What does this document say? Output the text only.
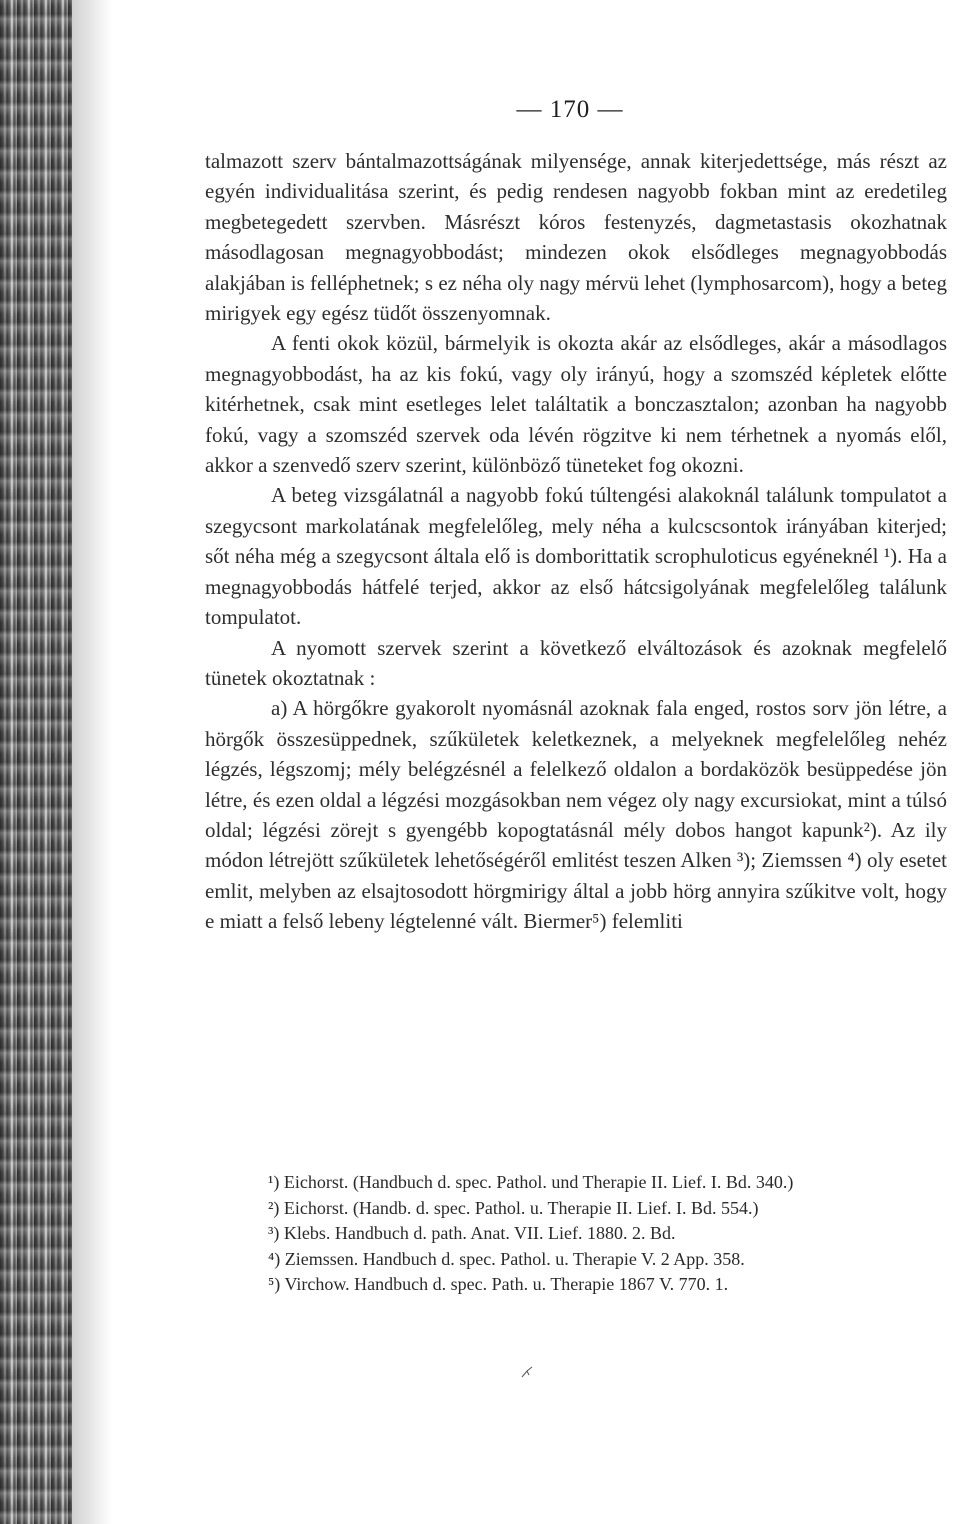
— 170 —

talmazott szerv bántalmazottságának milyensége, annak kiterjedettsége, más részt az egyén individualitása szerint, és pedig rendesen nagyobb fokban mint az eredetileg megbetegedett szervben. Másrészt kóros festenyzés, dagmetastasis okozhatnak másodlagosan megnagyobbodást; mindezen okok elsődleges megnagyobbodás alakjában is felléphetnek; s ez néha oly nagy mérvü lehet (lymphosarcom), hogy a beteg mirigyek egy egész tüdőt összenyomnak.

A fenti okok közül, bármelyik is okozta akár az elsődleges, akár a másodlagos megnagyobbodást, ha az kis fokú, vagy oly irányú, hogy a szomszéd képletek előtte kitérhetnek, csak mint esetleges lelet találtatik a bonczasztalon; azonban ha nagyobb fokú, vagy a szomszéd szervek oda lévén rögzitve ki nem térhetnek a nyomás elől, akkor a szenvedő szerv szerint, különböző tüneteket fog okozni.

A beteg vizsgálatnál a nagyobb fokú túltengési alakoknál találunk tompulatot a szegycsont markolatának megfelelőleg, mely néha a kulcscsontok irányában kiterjed; sőt néha még a szegycsont általa elő is domborittatik scrophuloticus egyéneknél ¹). Ha a megnagyobbodás hátfelé terjed, akkor az első hátcsigolyának megfelelőleg találunk tompulatot.

A nyomott szervek szerint a következő elváltozások és azoknak megfelelő tünetek okoztatnak :

a) A hörgőkre gyakorolt nyomásnál azoknak fala enged, rostos sorv jön létre, a hörgők összesüppednek, szűkületek keletkeznek, a melyeknek megfelelőleg nehéz légzés, légszomj; mély belégzésnél a felelkező oldalon a bordaközök besüppedése jön létre, és ezen oldal a légzési mozgásokban nem végez oly nagy excursiokat, mint a túlsó oldal; légzési zörejt s gyengébb kopogtatásnál mély dobos hangot kapunk²). Az ily módon létrejött szűkületek lehetőségéről emlitést teszen Alken ³); Ziemssen ⁴) oly esetet emlit, melyben az elsajtosodott hörgmirigy által a jobb hörg annyira szűkitve volt, hogy e miatt a felső lebeny légtelenné vált. Biermer⁵) felemliti

¹) Eichorst. (Handbuch d. spec. Pathol. und Therapie II. Lief. I. Bd. 340.)

²) Eichorst. (Handb. d. spec. Pathol. u. Therapie II. Lief. I. Bd. 554.)

³) Klebs. Handbuch d. path. Anat. VII. Lief. 1880. 2. Bd.

⁴) Ziemssen. Handbuch d. spec. Pathol. u. Therapie V. 2 App. 358.

⁵) Virchow. Handbuch d. spec. Path. u. Therapie 1867 V. 770. 1.
